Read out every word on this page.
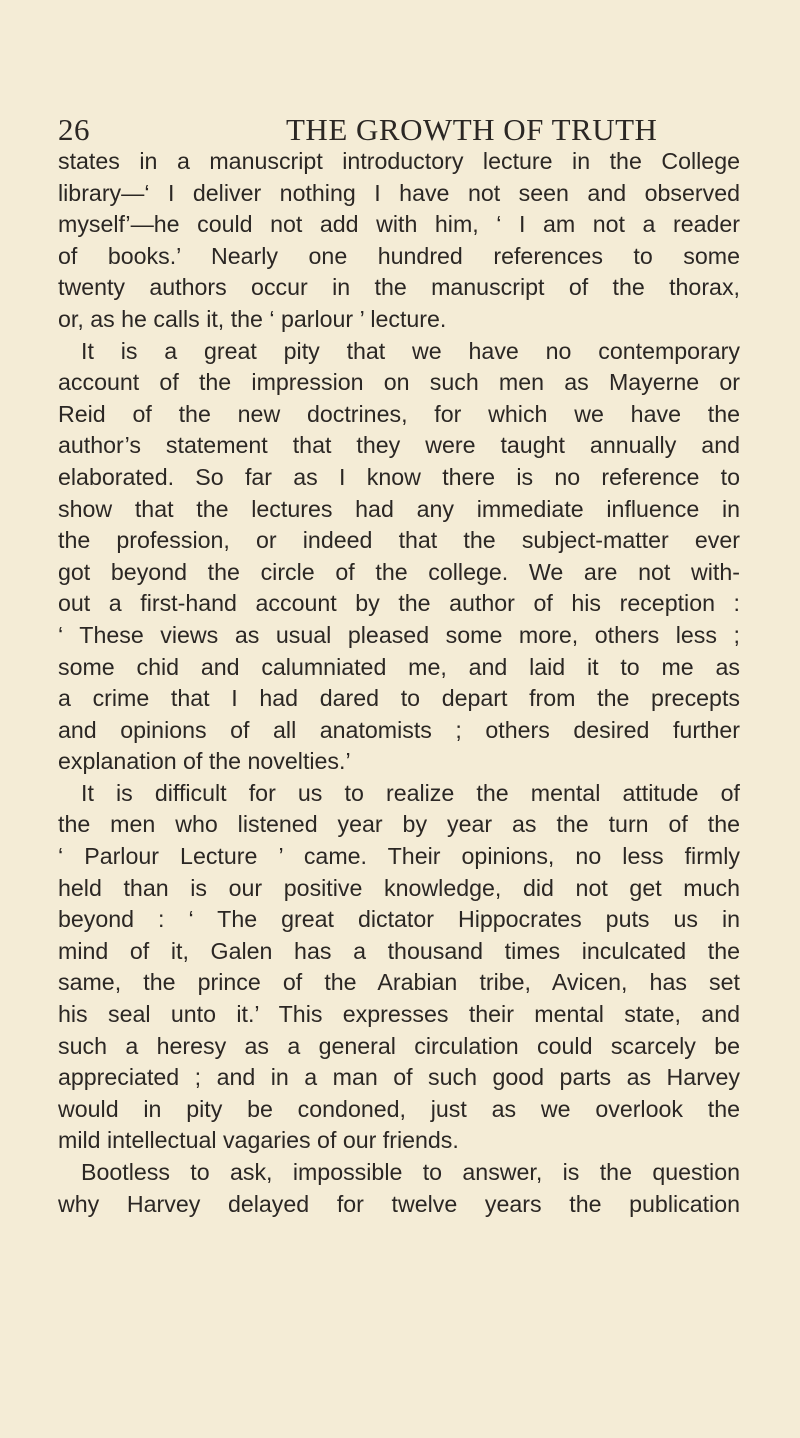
26	THE GROWTH OF TRUTH
states in a manuscript introductory lecture in the College
library—‘ I deliver nothing I have not seen and observed
myself’—he could not add with him, ‘ I am not a reader
of books.’ Nearly one hundred references to some
twenty authors occur in the manuscript of the thorax,
or, as he calls it, the ‘ parlour ’ lecture.
It is a great pity that we have no contemporary
account of the impression on such men as Mayerne or
Reid of the new doctrines, for which we have the
author’s statement that they were taught annually and
elaborated. So far as I know there is no reference to
show that the lectures had any immediate influence in
the profession, or indeed that the subject-matter ever
got beyond the circle of the college. We are not with-
out a first-hand account by the author of his reception :
‘ These views as usual pleased some more, others less ;
some chid and calumniated me, and laid it to me as
a crime that I had dared to depart from the precepts
and opinions of all anatomists ; others desired further
explanation of the novelties.’
It is difficult for us to realize the mental attitude of
the men who listened year by year as the turn of the
‘ Parlour Lecture ’ came. Their opinions, no less firmly
held than is our positive knowledge, did not get much
beyond : ‘ The great dictator Hippocrates puts us in
mind of it, Galen has a thousand times inculcated the
same, the prince of the Arabian tribe, Avicen, has set
his seal unto it.’ This expresses their mental state, and
such a heresy as a general circulation could scarcely be
appreciated ; and in a man of such good parts as Harvey
would in pity be condoned, just as we overlook the
mild intellectual vagaries of our friends.
Bootless to ask, impossible to answer, is the question
why Harvey delayed for twelve years the publication
